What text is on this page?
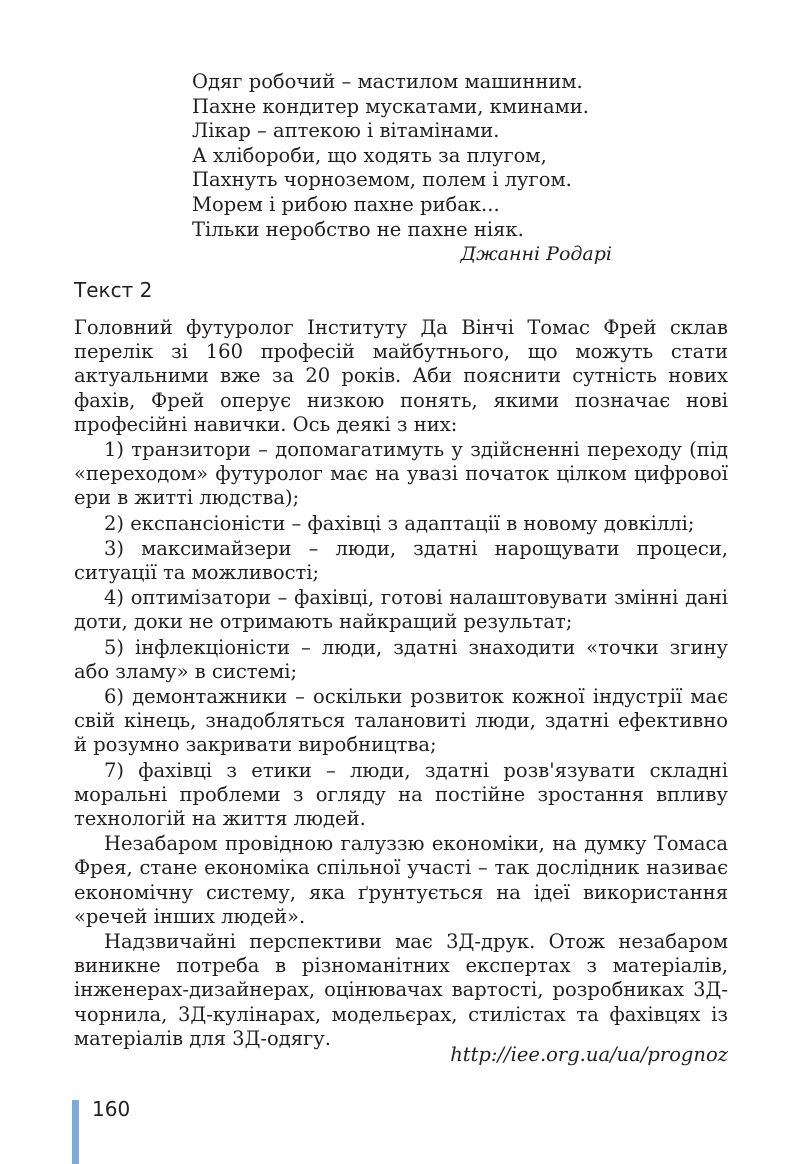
Одяг робочий – мастилом машинним.
Пахне кондитер мускатами, кминами.
Лікар – аптекою і вітамінами.
А хлібороби, що ходять за плугом,
Пахнуть чорноземом, полем і лугом.
Морем і рибою пахне рибак...
Тільки неробство не пахне ніяк.
Джанні Родарі
Текст 2

Головний футуролог Інституту Да Вінчі Томас Фрей склав перелік зі 160 професій майбутнього, що можуть стати актуальними вже за 20 років. Аби пояснити сутність нових фахів, Фрей оперує низкою понять, якими позначає нові професійні навички. Ось деякі з них:

1) транзитори – допомагатимуть у здійсненні переходу (під «переходом» футуролог має на увазі початок цілком цифрової ери в житті людства);

2) експансіоністи – фахівці з адаптації в новому довкіллі;

3) максимайзери – люди, здатні нарощувати процеси, ситуації та можливості;

4) оптимізатори – фахівці, готові налаштовувати змінні дані доти, доки не отримають найкращий результат;

5) інфлекціоністи – люди, здатні знаходити «точки згину або зламу» в системі;

6) демонтажники – оскільки розвиток кожної індустрії має свій кінець, знадобляться талановиті люди, здатні ефективно й розумно закривати виробництва;

7) фахівці з етики – люди, здатні розв'язувати складні моральні проблеми з огляду на постійне зростання впливу технологій на життя людей.

Незабаром провідною галуззю економіки, на думку Томаса Фрея, стане економіка спільної участі – так дослідник називає економічну систему, яка ґрунтується на ідеї використання «речей інших людей».

Надзвичайні перспективи має 3Д-друк. Отож незабаром виникне потреба в різноманітних експертах з матеріалів, інженерах-дизайнерах, оцінювачах вартості, розробниках 3Д-чорнила, 3Д-кулінарах, модельєрах, стилістах та фахівцях із матеріалів для 3Д-одягу.

http://iee.org.ua/ua/prognoz
160
